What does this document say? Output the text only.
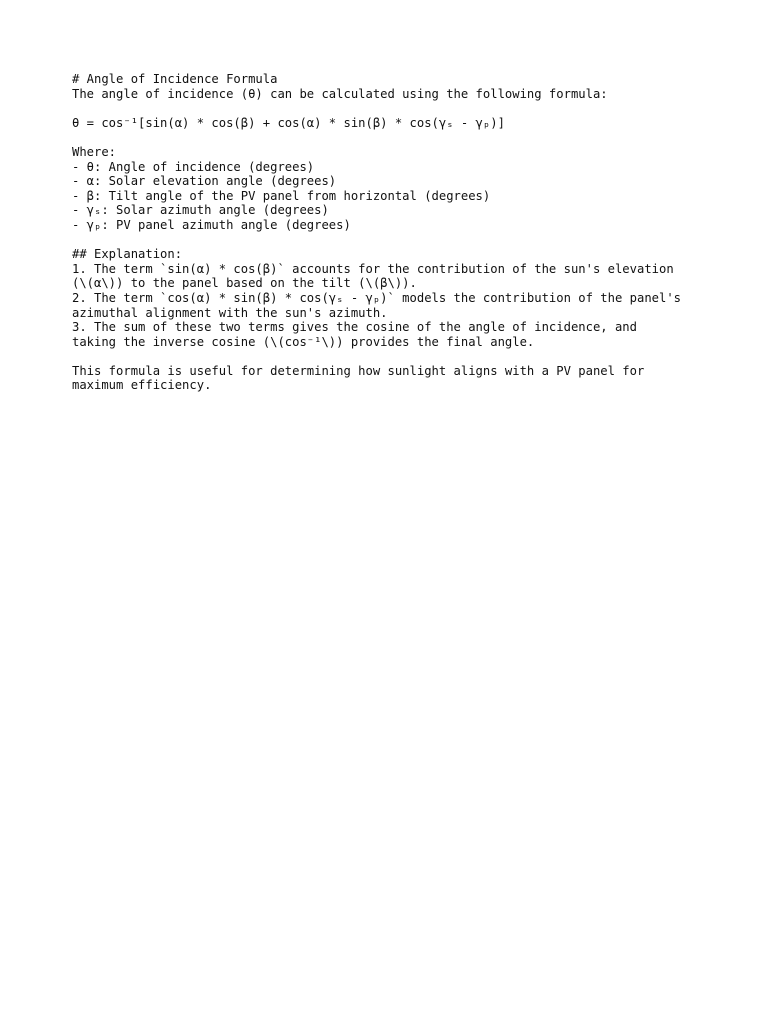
# Angle of Incidence Formula
The angle of incidence (θ) can be calculated using the following formula:
θ = cos⁻¹[sin(α) * cos(β) + cos(α) * sin(β) * cos(γₛ - γₚ)]
Where:
- θ: Angle of incidence (degrees)
- α: Solar elevation angle (degrees)
- β: Tilt angle of the PV panel from horizontal (degrees)
- γₛ: Solar azimuth angle (degrees)
- γₚ: PV panel azimuth angle (degrees)
## Explanation:
1. The term `sin(α) * cos(β)` accounts for the contribution of the sun's elevation
(\(α\)) to the panel based on the tilt (\(β\)).
2. The term `cos(α) * sin(β) * cos(γₛ - γₚ)` models the contribution of the panel's
azimuthal alignment with the sun's azimuth.
3. The sum of these two terms gives the cosine of the angle of incidence, and
taking the inverse cosine (\(cos⁻¹\)) provides the final angle.
This formula is useful for determining how sunlight aligns with a PV panel for
maximum efficiency.
